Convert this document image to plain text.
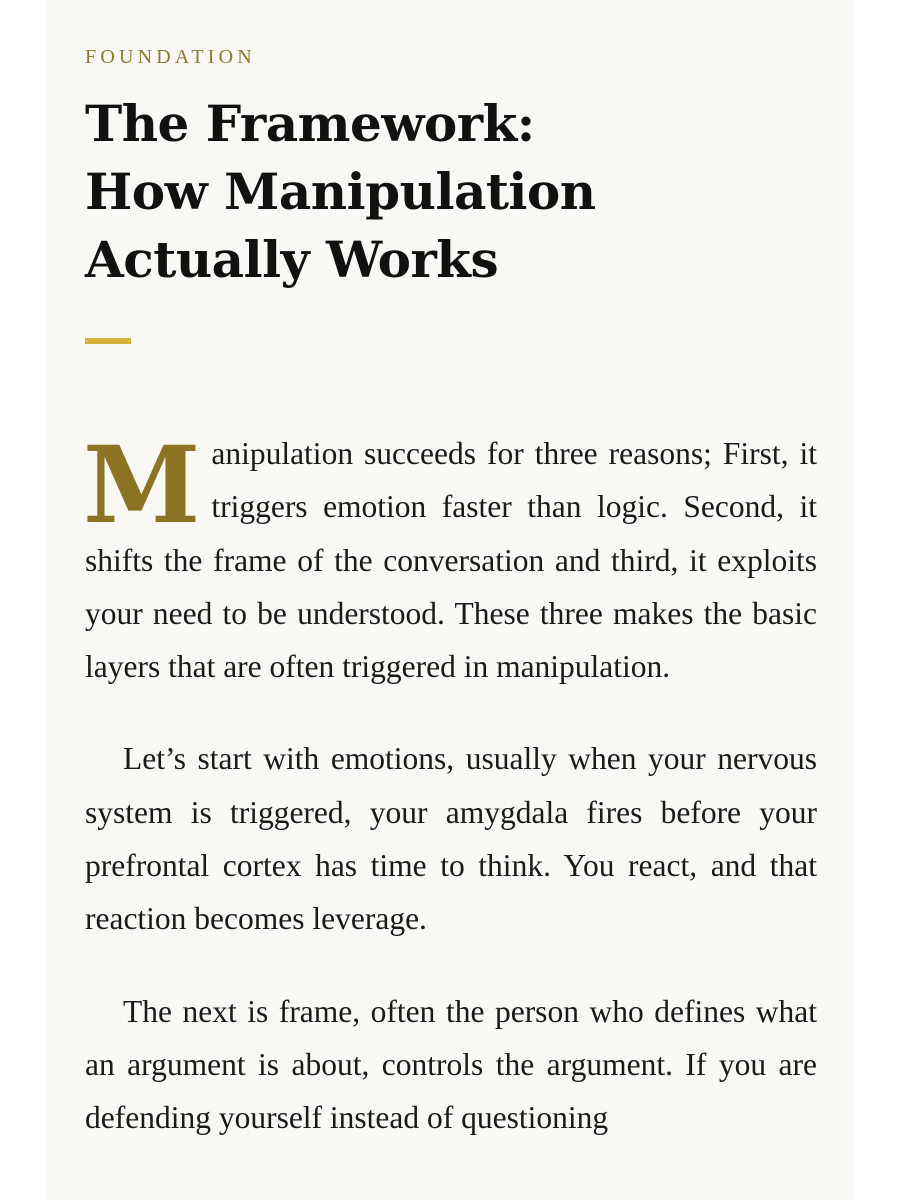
FOUNDATION
The Framework:
How Manipulation
Actually Works

Manipulation succeeds for three reasons; First, it triggers emotion faster than logic. Second, it shifts the frame of the conversation and third, it exploits your need to be understood. These three makes the basic layers that are often triggered in manipulation.

Let’s start with emotions, usually when your nervous system is triggered, your amygdala fires before your prefrontal cortex has time to think. You react, and that reaction becomes leverage.

The next is frame, often the person who defines what an argument is about, controls the argument. If you are defending yourself instead of questioning
